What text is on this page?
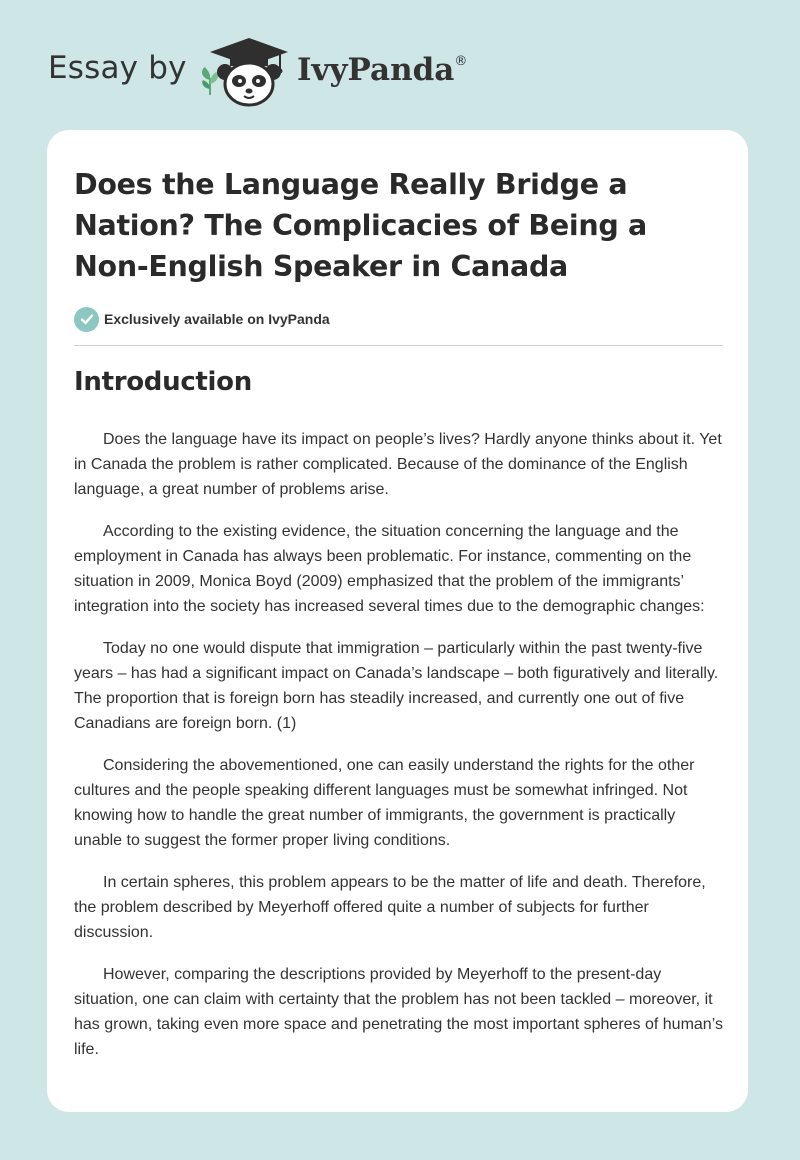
Essay by	IvyPanda®
Does the Language Really Bridge a Nation? The Complicacies of Being a Non-English Speaker in Canada
Exclusively available on IvyPanda
Introduction

Does the language have its impact on people’s lives? Hardly anyone thinks about it. Yet in Canada the problem is rather complicated. Because of the dominance of the English language, a great number of problems arise.

According to the existing evidence, the situation concerning the language and the employment in Canada has always been problematic. For instance, commenting on the situation in 2009, Monica Boyd (2009) emphasized that the problem of the immigrants’ integration into the society has increased several times due to the demographic changes:

Today no one would dispute that immigration – particularly within the past twenty-five years – has had a significant impact on Canada’s landscape – both figuratively and literally. The proportion that is foreign born has steadily increased, and currently one out of five Canadians are foreign born. (1)

Considering the abovementioned, one can easily understand the rights for the other cultures and the people speaking different languages must be somewhat infringed. Not knowing how to handle the great number of immigrants, the government is practically unable to suggest the former proper living conditions.

In certain spheres, this problem appears to be the matter of life and death. Therefore, the problem described by Meyerhoff offered quite a number of subjects for further discussion.

However, comparing the descriptions provided by Meyerhoff to the present-day situation, one can claim with certainty that the problem has not been tackled – moreover, it has grown, taking even more space and penetrating the most important spheres of human’s life.
